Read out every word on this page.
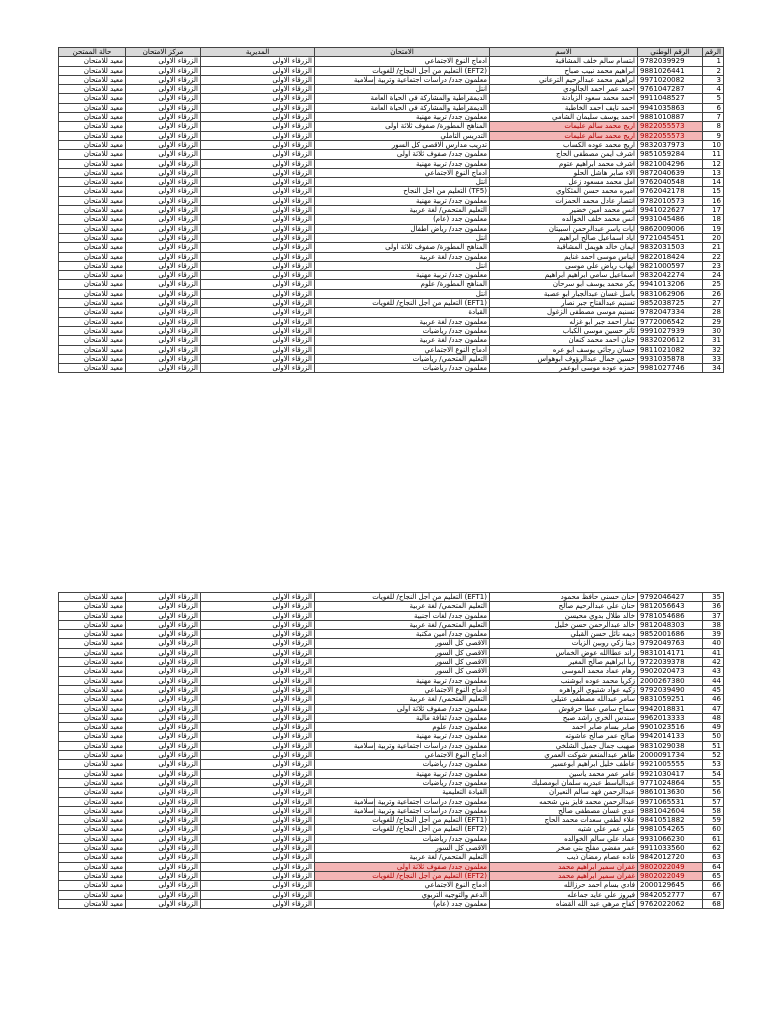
حالة الممتحن	مركز الامتحان	المديرية	الامتحان	الاسم	الرقم الوطني	الرقم
معيد للامتحان	الزرقاء الاولى	الزرقاء الاولى	ادماج النوع الاجتماعي	ابتسام سالم خلف المشاقبة	9782039929	1
معيد للامتحان	الزرقاء الاولى	الزرقاء الاولى	(EFT2) التعليم من أجل النجاح/ للغويات	ابراهيم محمد نبيب صباح	9881026441	2
معيد للامتحان	الزرقاء الاولى	الزرقاء الاولى	معلمون جدد/ دراسات اجتماعية وتربية إسلامية	ابراهيم محمد عبدالرحيم الترعاني	9971020082	3
معيد للامتحان	الزرقاء الاولى	الزرقاء الاولى	انتل	احمد عمر احمد الجالودي	9761047287	4
معيد للامتحان	الزرقاء الاولى	الزرقاء الاولى	الديمقراطية والمشاركة في الحياة العامة	احمد محمد سعود الزيادنة	9911048527	5
معيد للامتحان	الزرقاء الاولى	الزرقاء الاولى	الديمقراطية والمشاركة في الحياة العامة	احمد نايف احمد الخاطبة	9941035863	6
معيد للامتحان	الزرقاء الاولى	الزرقاء الاولى	معلمون جدد/ تربية مهنية	احمد يوسف سليمان الشامي	9881010887	7
معيد للامتحان	الزرقاء الاولى	الزرقاء الاولى	المناهج المطورة/ صفوف ثلاثة اولى	اريج محمد سالم عليمات	9822055573	8
معيد للامتحان	الزرقاء الاولى	الزرقاء الاولى	التدريس التأملي	اريج محمد سالم عليمات	9822055573	9
معيد للامتحان	الزرقاء الاولى	الزرقاء الاولى	تدريب مدارس الاقصى كل السور	اريج محمد عوده الكساب	9832037973	10
معيد للامتحان	الزرقاء الاولى	الزرقاء الاولى	معلمون جدد/ صفوف ثلاثة اولى	اشرف ايمن مصطفى الحاج	9851059284	11
معيد للامتحان	الزرقاء الاولى	الزرقاء الاولى	معلمون جدد/ تربية مهنية	اشرف محمد ابراهيم عتوم	9821004296	12
معيد للامتحان	الزرقاء الاولى	الزرقاء الاولى	ادماج النوع الاجتماعي	الاء صابر هاشل الحلو	9872040639	13
معيد للامتحان	الزرقاء الاولى	الزرقاء الاولى	انتل	امل محمد مسعود زعل	9762040548	14
معيد للامتحان	الزرقاء الاولى	الزرقاء الاولى	(TF5) التعليم من أجل النجاح	اميره محمد حسن المثكاوي	9762042178	15
معيد للامتحان	الزرقاء الاولى	الزرقاء الاولى	معلمون جدد/ تربية مهنية	انتصار عادل محمد الحمزات	9782010573	16
معيد للامتحان	الزرقاء الاولى	الزرقاء الاولى	التعليم المتحمي/ لغة عربية	انس محمد امين خضير	9941022627	17
معيد للامتحان	الزرقاء الاولى	الزرقاء الاولى	معلمون جدد (عام)	انس محمد خلف الخوالده	9931045486	18
معيد للامتحان	الزرقاء الاولى	الزرقاء الاولى	معلمون جدد/ رياض أطفال	ايات ياسر عبدالرحمن اسبيتان	9862009006	19
معيد للامتحان	الزرقاء الاولى	الزرقاء الاولى	انتل	اياد اسماعيل صالح ابراهيم	9721045451	20
معيد للامتحان	الزرقاء الاولى	الزرقاء الاولى	المناهج المطورة/ صفوف ثلاثة اولى	ايمان خالد هويمل المشاقبة	9832031503	21
معيد للامتحان	الزرقاء الاولى	الزرقاء الاولى	معلمون جدد/ لغة عربية	ايناس موسى احمد غنايم	9822018424	22
معيد للامتحان	الزرقاء الاولى	الزرقاء الاولى	انتل	ايهاب رياض علي موسى	9821000597	23
معيد للامتحان	الزرقاء الاولى	الزرقاء الاولى	معلمون جدد/ تربية مهنية	اسماعيل سامي ابراهيم ابراهيم	9832042274	24
معيد للامتحان	الزرقاء الاولى	الزرقاء الاولى	المناهج المطورة/ علوم	بكر محمد يوسف ابو سرحان	9941013206	25
معيد للامتحان	الزرقاء الاولى	الزرقاء الاولى	انتل	باسل غسان عبدالجبار ابو عصبة	9831062906	26
معيد للامتحان	الزرقاء الاولى	الزرقاء الاولى	(EFT1) التعليم من أجل النجاح/ للغويات	تسنيم عبدالفتاح جبر نصار	9852038725	27
معيد للامتحان	الزرقاء الاولى	الزرقاء الاولى	القيادة	تسنيم موسى مصطفى الزغول	9782047334	28
معيد للامتحان	الزرقاء الاولى	الزرقاء الاولى	معلمون جدد/ لغة عربية	ثمار احمد جبر ابو غزله	9772006542	29
معيد للامتحان	الزرقاء الاولى	الزرقاء الاولى	معلمون جدد/ رياضيات	ثائر حسين موسى الكباب	9991027939	30
معيد للامتحان	الزرقاء الاولى	الزرقاء الاولى	معلمون جدد/ لغة عربية	جنان احمد محمد كنعان	9832020612	31
معيد للامتحان	الزرقاء الاولى	الزرقاء الاولى	ادماج النوع الاجتماعي	حسان رجائي يوسف ابو عره	9811021082	32
معيد للامتحان	الزرقاء الاولى	الزرقاء الاولى	التعليم المتحمي/ رياضيات	حسين جمال عبدالرؤوف ابوهواس	9931035878	33
معيد للامتحان	الزرقاء الاولى	الزرقاء الاولى	معلمون جدد/ رياضيات	حمزه عوده موسى ابوعمر	9981027746	34
معيد للامتحان	الزرقاء الاولى	الزرقاء الاولى	(EFT1) التعليم من أجل النجاح/ للغويات	حنان حسني حافظ محمود	9792046427	35
معيد للامتحان	الزرقاء الاولى	الزرقاء الاولى	التعليم المتحمي/ لغة عربية	حنان علي عبدالرحيم صالح	9812056643	36
معيد للامتحان	الزرقاء الاولى	الزرقاء الاولى	معلمون جدد/ لغات أجنبية	خالد طلال بدوي محيسن	9781054686	37
معيد للامتحان	الزرقاء الاولى	الزرقاء الاولى	التعليم المتحمي/ لغة عربية	خالد عبدالرحمن حسن خليل	9812048303	38
معيد للامتحان	الزرقاء الاولى	الزرقاء الاولى	معلمون جدد/ أمين مكتبة	ديمه نائل حسن القبلي	9852001686	39
معيد للامتحان	الزرقاء الاولى	الزرقاء الاولى	الاقصى كل السور	دينا زكي روبين الزيات	9792049763	40
معيد للامتحان	الزرقاء الاولى	الزرقاء الاولى	الاقصى كل السور	راند عطاالله عوض الخماس	9831014171	41
معيد للامتحان	الزرقاء الاولى	الزرقاء الاولى	الاقصى كل السور	ربا ابراهيم صالح المغير	9722039378	42
معيد للامتحان	الزرقاء الاولى	الزرقاء الاولى	الاقصى كل السور	رهام عماد محمد الموسى	9902020473	43
معيد للامتحان	الزرقاء الاولى	الزرقاء الاولى	معلمون جدد/ تربية مهنية	زكريا محمد عوده ابوشنب	2000267380	44
معيد للامتحان	الزرقاء الاولى	الزرقاء الاولى	ادماج النوع الاجتماعي	زكيه عواد شتيوي الزواهره	9792039490	45
معيد للامتحان	الزرقاء الاولى	الزرقاء الاولى	التعليم المتحمي/ لغة عربية	سامر عبدالله مصطفى عتيلي	9831059251	46
معيد للامتحان	الزرقاء الاولى	الزرقاء الاولى	معلمون جدد/ صفوف ثلاثة اولى	سماح سامي عطا حرفوش	9942018831	47
معيد للامتحان	الزرقاء الاولى	الزرقاء الاولى	معلمون جدد/ ثقافة مالية	سندس الخري راشد صبح	9962013333	48
معيد للامتحان	الزرقاء الاولى	الزرقاء الاولى	معلمون جدد/ علوم	صابر بسام صابر احمد	9901023516	49
معيد للامتحان	الزرقاء الاولى	الزرقاء الاولى	معلمون جدد/ تربية مهنية	صالح عمر صالح عاشوته	9942014133	50
معيد للامتحان	الزرقاء الاولى	الزرقاء الاولى	معلمون جدد/ دراسات اجتماعية وتربية إسلامية	صهيب جمال جميل الشلخي	9831029038	51
معيد للامتحان	الزرقاء الاولى	الزرقاء الاولى	ادماج النوع الاجتماعي	طاهر عبدالمنعم شوكت العمري	2000091734	52
معيد للامتحان	الزرقاء الاولى	الزرقاء الاولى	معلمون جدد/ رياضيات	عاطف خليل ابراهيم ابوعسير	9921005555	53
معيد للامتحان	الزرقاء الاولى	الزرقاء الاولى	معلمون جدد/ تربية مهنية	عامر عمر محمد ياسين	9921030417	54
معيد للامتحان	الزرقاء الاولى	الزرقاء الاولى	معلمون جدد/ رياضيات	عبدالباسط عبدربه سلمان ابومصليك	9771024864	55
معيد للامتحان	الزرقاء الاولى	الزرقاء الاولى	القيادة التعليمية	عبدالرحمن فهد سالم النعيران	9861013630	56
معيد للامتحان	الزرقاء الاولى	الزرقاء الاولى	معلمون جدد/ دراسات اجتماعية وتربية إسلامية	عبدالرحمن محمد فايز بني شحمه	9971065531	57
معيد للامتحان	الزرقاء الاولى	الزرقاء الاولى	معلمون جدد/ دراسات اجتماعية وتربية إسلامية	عدي غسان مصطفى صالح	9881042604	58
معيد للامتحان	الزرقاء الاولى	الزرقاء الاولى	(EFT1) التعليم من أجل النجاح/ للغويات	علاء لطفي سعدات محمد الحاج	9841051882	59
معيد للامتحان	الزرقاء الاولى	الزرقاء الاولى	(EFT2) التعليم من أجل النجاح/ للغويات	علي عمر علي شتيه	9981054265	60
معيد للامتحان	الزرقاء الاولى	الزرقاء الاولى	معلمون جدد/ رياضيات	عماد علي سالم الخوالده	9931066230	61
معيد للامتحان	الزرقاء الاولى	الزرقاء الاولى	الاقصى كل السور	عمر مفضي مفلح بني صخر	9911033560	62
معيد للامتحان	الزرقاء الاولى	الزرقاء الاولى	التعليم المتحمي/ لغة عربية	غاده عصام رمضان ذيب	9842012720	63
معيد للامتحان	الزرقاء الاولى	الزرقاء الاولى	معلمون جدد/ صفوف ثلاثة اولى	غفران سمير ابراهيم محمد	9802022049	64
معيد للامتحان	الزرقاء الاولى	الزرقاء الاولى	(EFT2) التعليم من أجل النجاح/ للغويات	غفران سمير ابراهيم محمد	9802022049	65
معيد للامتحان	الزرقاء الاولى	الزرقاء الاولى	ادماج النوع الاجتماعي	فادي بسام احمد حرزالله	2000129645	66
معيد للامتحان	الزرقاء الاولى	الزرقاء الاولى	الدعم والتوجيه التربوي	فيروز علي عايد جماعله	9842052777	67
معيد للامتحان	الزرقاء الاولى	الزرقاء الاولى	معلمون جدد (عام)	كفاح مرهي عبد الله القضاه	9762022062	68
